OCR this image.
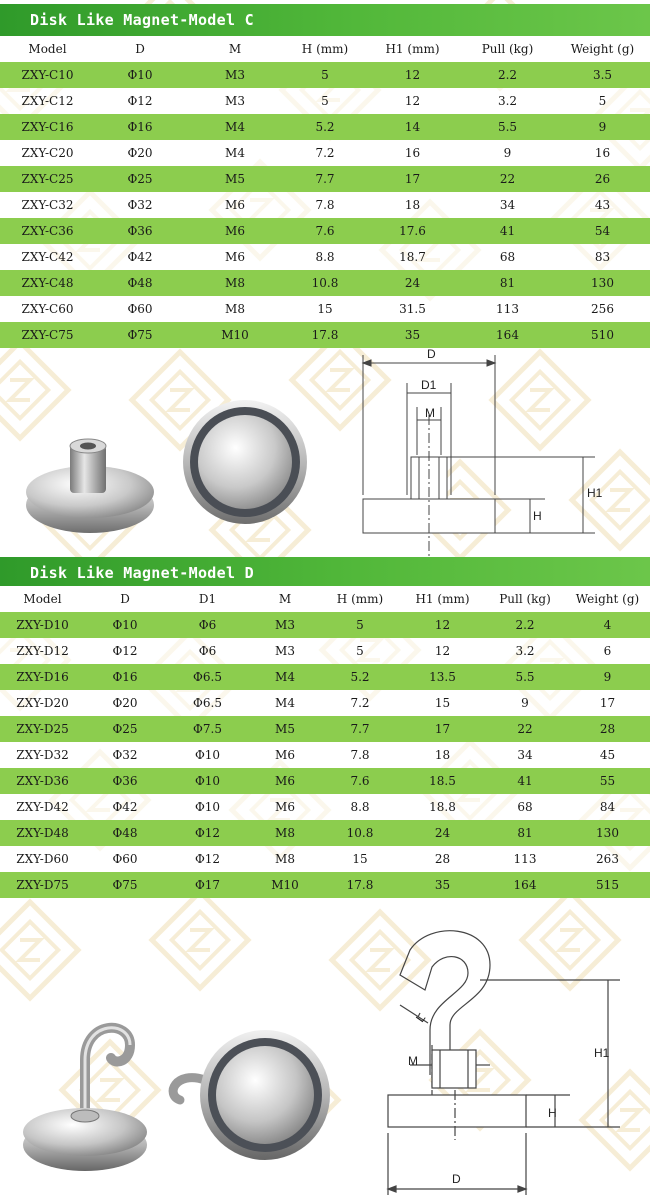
Disk Like Magnet-Model C
Model	D	M	H (mm)	H1 (mm)	Pull (kg)	Weight (g)
ZXY-C10	Φ10	M3	5	12	2.2	3.5
ZXY-C12	Φ12	M3	5	12	3.2	5
ZXY-C16	Φ16	M4	5.2	14	5.5	9
ZXY-C20	Φ20	M4	7.2	16	9	16
ZXY-C25	Φ25	M5	7.7	17	22	26
ZXY-C32	Φ32	M6	7.8	18	34	43
ZXY-C36	Φ36	M6	7.6	17.6	41	54
ZXY-C42	Φ42	M6	8.8	18.7	68	83
ZXY-C48	Φ48	M8	10.8	24	81	130
ZXY-C60	Φ60	M8	15	31.5	113	256
ZXY-C75	Φ75	M10	17.8	35	164	510
D
D1
M
H
H1
Disk Like Magnet-Model D
Model	D	D1	M	H (mm)	H1 (mm)	Pull (kg)	Weight (g)
ZXY-D10	Φ10	Φ6	M3	5	12	2.2	4
ZXY-D12	Φ12	Φ6	M3	5	12	3.2	6
ZXY-D16	Φ16	Φ6.5	M4	5.2	13.5	5.5	9
ZXY-D20	Φ20	Φ6.5	M4	7.2	15	9	17
ZXY-D25	Φ25	Φ7.5	M5	7.7	17	22	28
ZXY-D32	Φ32	Φ10	M6	7.8	18	34	45
ZXY-D36	Φ36	Φ10	M6	7.6	18.5	41	55
ZXY-D42	Φ42	Φ10	M6	8.8	18.8	68	84
ZXY-D48	Φ48	Φ12	M8	10.8	24	81	130
ZXY-D60	Φ60	Φ12	M8	15	28	113	263
ZXY-D75	Φ75	Φ17	M10	17.8	35	164	515
L
M
H
H1
D
